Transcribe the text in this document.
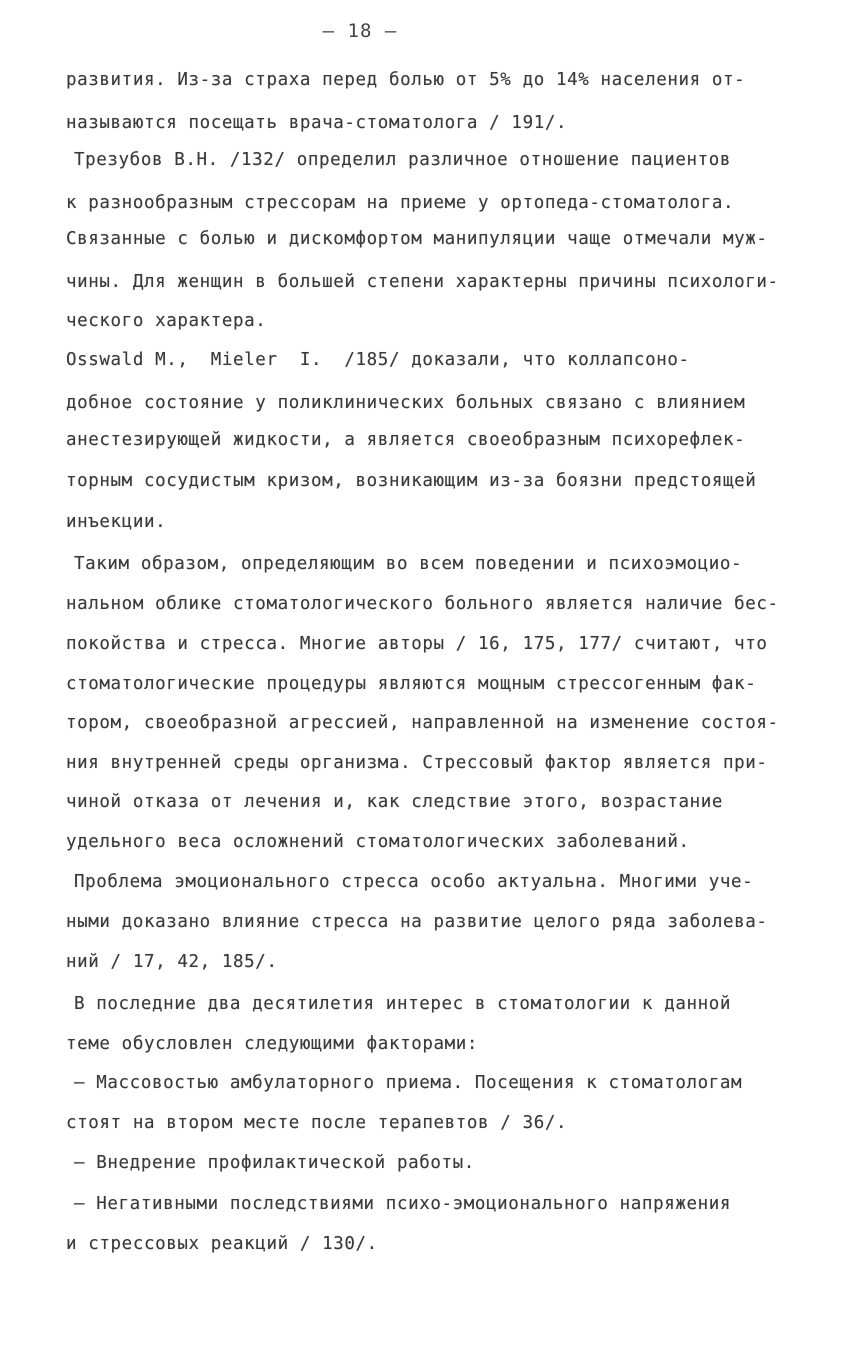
– 18 –
развития. Из-за страха перед болью от 5% до 14% населения от-
называются посещать врача-стоматолога / 191/.
Трезубов В.Н. /132/ определил различное отношение пациентов
к разнообразным стрессорам на приеме у ортопеда-стоматолога.
Связанные с болью и дискомфортом манипуляции чаще отмечали муж-
чины. Для женщин в большей степени характерны причины психологи-
ческого характера.
Osswald M.,  Mieler  I.  /185/ доказали, что коллапсоно-
добное состояние у поликлинических больных связано с влиянием
анестезирующей жидкости, а является своеобразным психорефлек-
торным сосудистым кризом, возникающим из-за боязни предстоящей
инъекции.
Таким образом, определяющим во всем поведении и психоэмоцио-
нальном облике стоматологического больного является наличие бес-
покойства и стресса. Многие авторы / 16, 175, 177/ считают, что
стоматологические процедуры являются мощным стрессогенным фак-
тором, своеобразной агрессией, направленной на изменение состоя-
ния внутренней среды организма. Стрессовый фактор является при-
чиной отказа от лечения и, как следствие этого, возрастание
удельного веса осложнений стоматологических заболеваний.
Проблема эмоционального стресса особо актуальна. Многими уче-
ными доказано влияние стресса на развитие целого ряда заболева-
ний / 17, 42, 185/.
В последние два десятилетия интерес в стоматологии к данной
теме обусловлен следующими факторами:
– Массовостью амбулаторного приема. Посещения к стоматологам
стоят на втором месте после терапевтов / 36/.
– Внедрение профилактической работы.
– Негативными последствиями психо-эмоционального напряжения
и стрессовых реакций / 130/.
